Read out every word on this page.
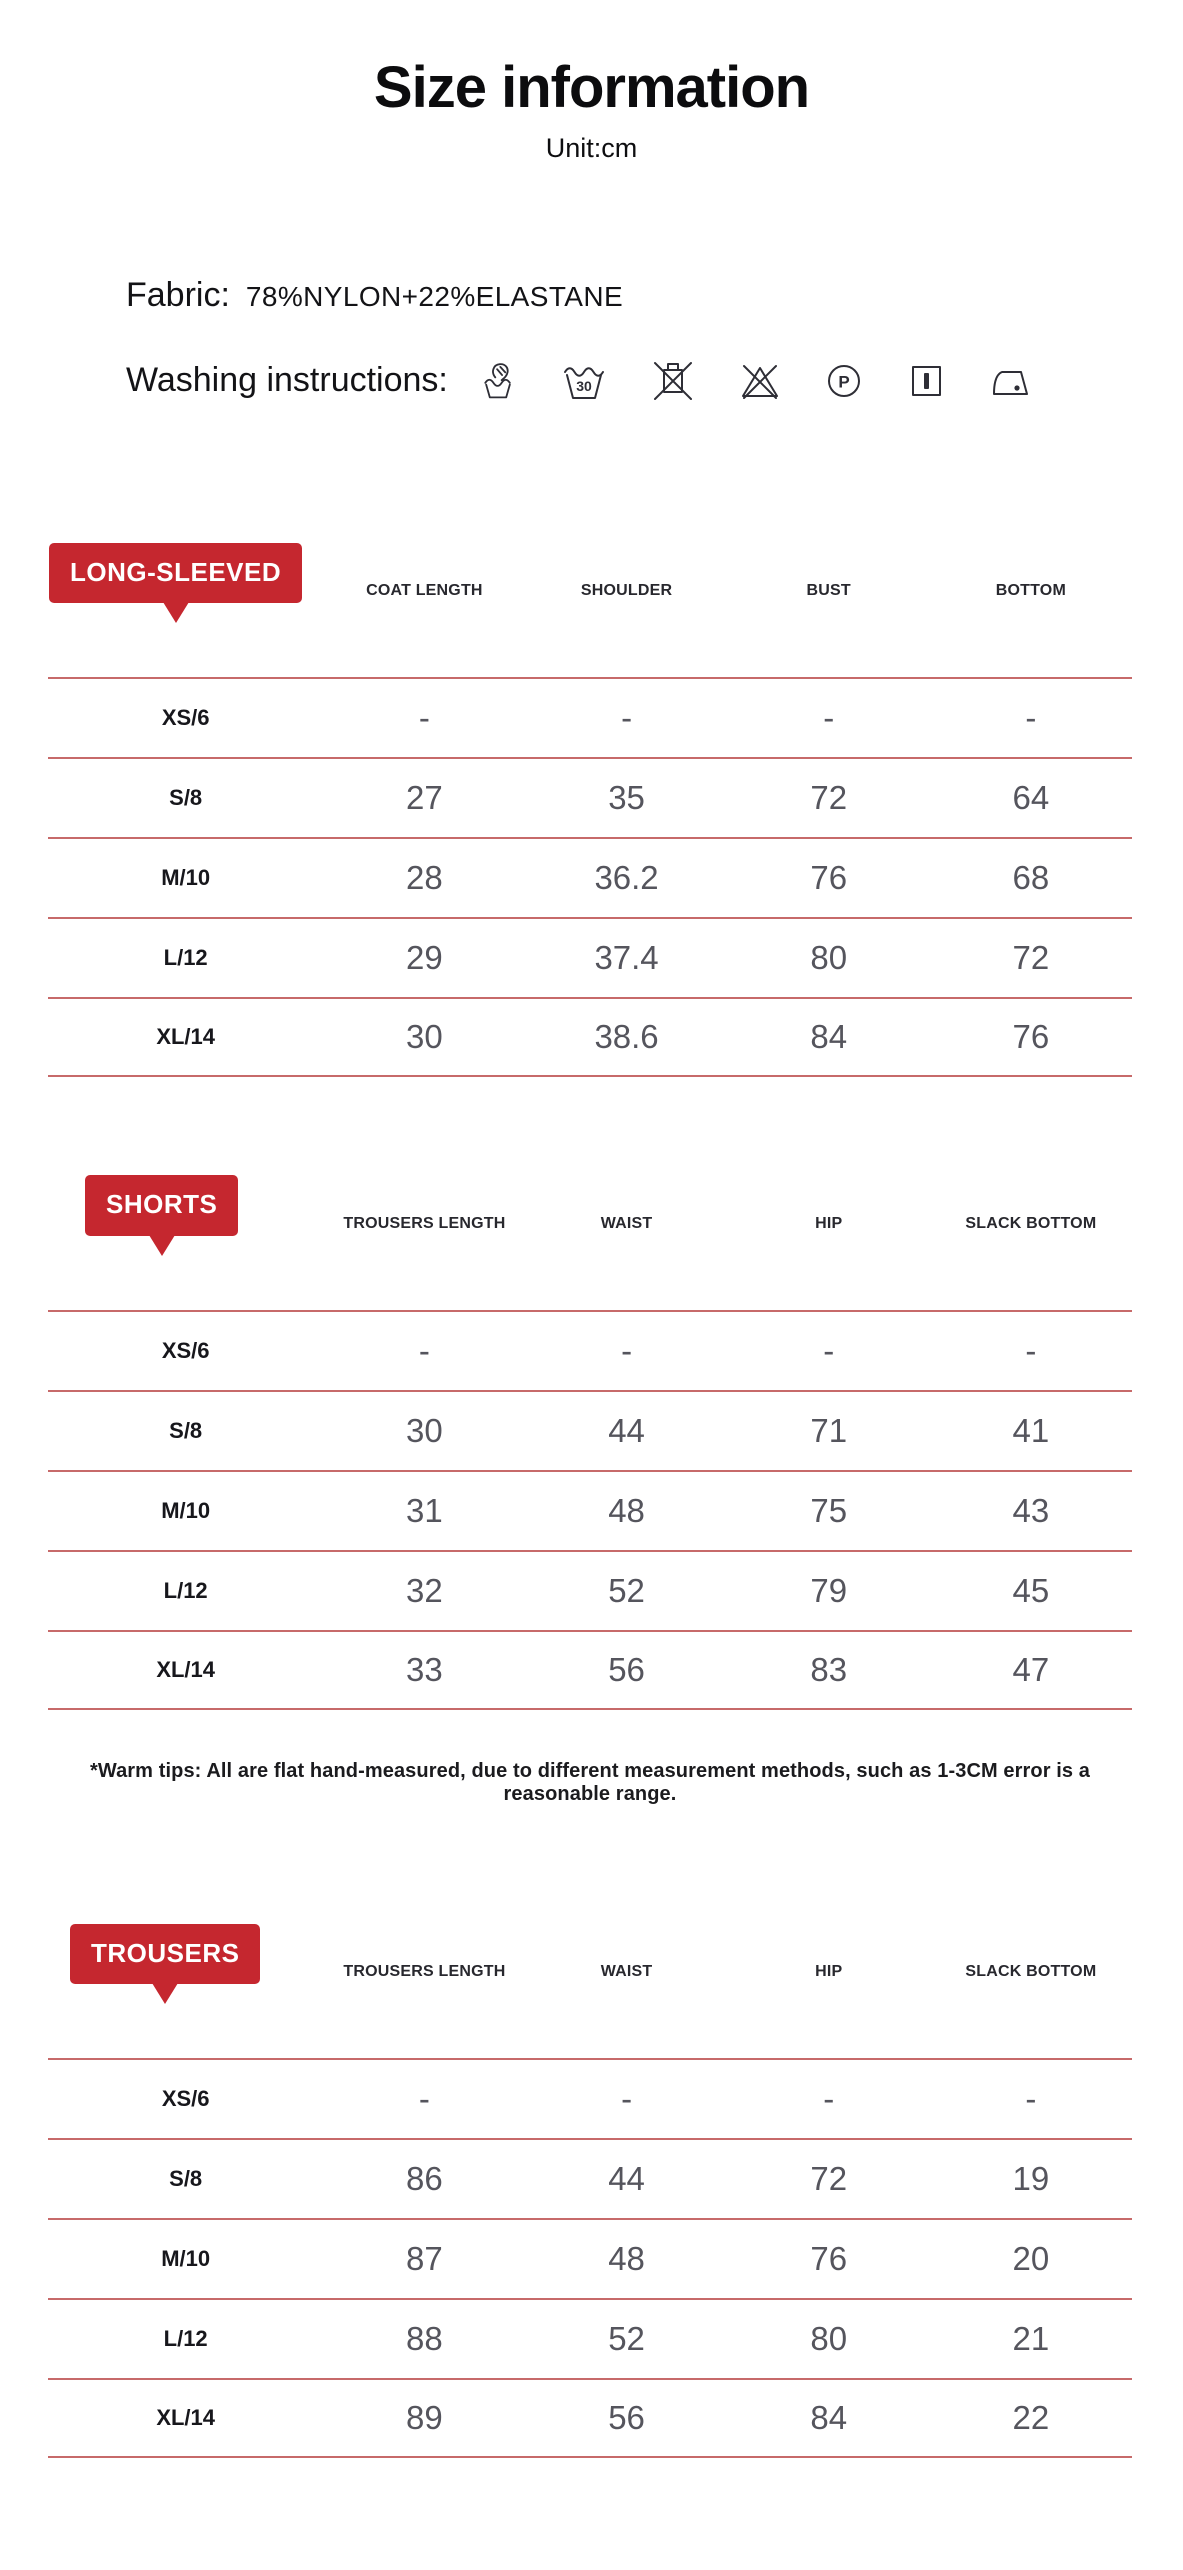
Size information
Unit:cm
Fabric: 78%NYLON+22%ELASTANE
Washing instructions:	30	P
LONG-SLEEVED
COAT LENGTH	SHOULDER	BUST	BOTTOM
XS/6	-	-	-	-
S/8	27	35	72	64
M/10	28	36.2	76	68
L/12	29	37.4	80	72
XL/14	30	38.6	84	76
SHORTS
TROUSERS LENGTH	WAIST	HIP	SLACK BOTTOM
XS/6	-	-	-	-
S/8	30	44	71	41
M/10	31	48	75	43
L/12	32	52	79	45
XL/14	33	56	83	47

*Warm tips: All are flat hand-measured, due to different measurement methods, such as 1-3CM error is a reasonable range.

TROUSERS
TROUSERS LENGTH	WAIST	HIP	SLACK BOTTOM
XS/6	-	-	-	-
S/8	86	44	72	19
M/10	87	48	76	20
L/12	88	52	80	21
XL/14	89	56	84	22
